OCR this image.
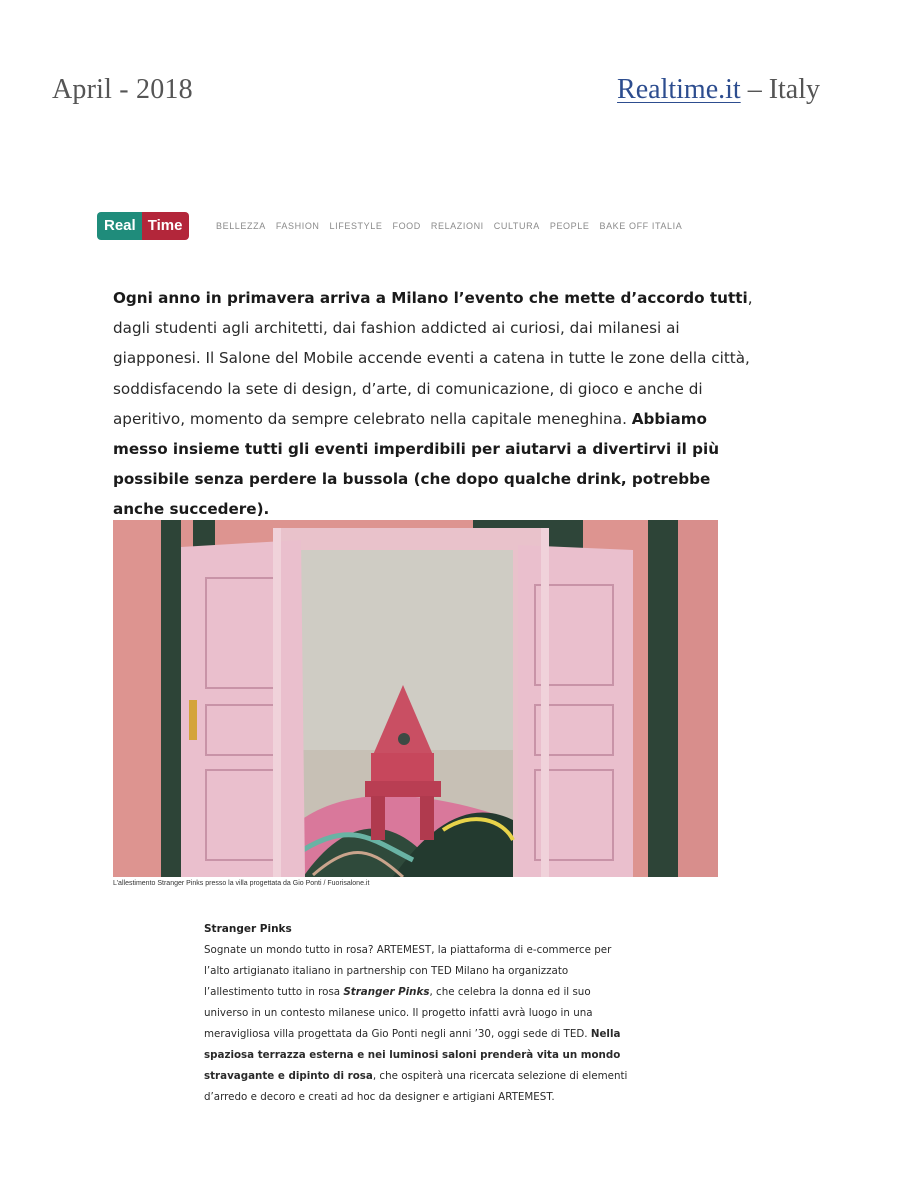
April - 2018	Realtime.it – Italy
Real Time	BELLEZZA FASHION LIFESTYLE FOOD RELAZIONI CULTURA PEOPLE BAKE OFF ITALIA

Ogni anno in primavera arriva a Milano l’evento che mette d’accordo tutti, dagli studenti agli architetti, dai fashion addicted ai curiosi, dai milanesi ai giapponesi. Il Salone del Mobile accende eventi a catena in tutte le zone della città, soddisfacendo la sete di design, d’arte, di comunicazione, di gioco e anche di aperitivo, momento da sempre celebrato nella capitale meneghina. Abbiamo messo insieme tutti gli eventi imperdibili per aiutarvi a divertirvi il più possibile senza perdere la bussola (che dopo qualche drink, potrebbe anche succedere).

L’allestimento Stranger Pinks presso la villa progettata da Gio Ponti / Fuorisalone.it
Stranger Pinks

Sognate un mondo tutto in rosa? ARTEMEST, la piattaforma di e-commerce per l’alto artigianato italiano in partnership con TED Milano ha organizzato l’allestimento tutto in rosa Stranger Pinks, che celebra la donna ed il suo universo in un contesto milanese unico. Il progetto infatti avrà luogo in una meravigliosa villa progettata da Gio Ponti negli anni ’30, oggi sede di TED. Nella spaziosa terrazza esterna e nei luminosi saloni prenderà vita un mondo stravagante e dipinto di rosa, che ospiterà una ricercata selezione di elementi d’arredo e decoro e creati ad hoc da designer e artigiani ARTEMEST.
